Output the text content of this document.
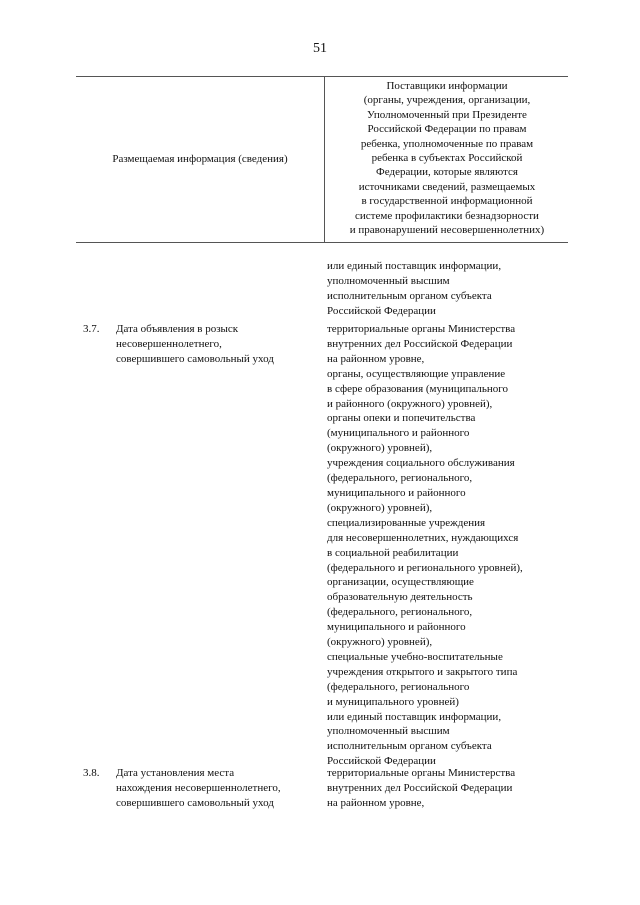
51
Размещаемая информация (сведения)
Поставщики информации
(органы, учреждения, организации,
Уполномоченный при Президенте
Российской Федерации по правам
ребенка, уполномоченные по правам
ребенка в субъектах Российской
Федерации, которые являются
источниками сведений, размещаемых
в государственной информационной
системе профилактики безнадзорности
и правонарушений несовершеннолетних)
или единый поставщик информации,
уполномоченный высшим
исполнительным органом субъекта
Российской Федерации
3.7.	Дата объявления в розыск
несовершеннолетнего,
совершившего самовольный уход
территориальные органы Министерства
внутренних дел Российской Федерации
на районном уровне,
органы, осуществляющие управление
в сфере образования (муниципального
и районного (окружного) уровней),
органы опеки и попечительства
(муниципального и районного
(окружного) уровней),
учреждения социального обслуживания
(федерального, регионального,
муниципального и районного
(окружного) уровней),
специализированные учреждения
для несовершеннолетних, нуждающихся
в социальной реабилитации
(федерального и регионального уровней),
организации, осуществляющие
образовательную деятельность
(федерального, регионального,
муниципального и районного
(окружного) уровней),
специальные учебно-воспитательные
учреждения открытого и закрытого типа
(федерального, регионального
и муниципального уровней)
или единый поставщик информации,
уполномоченный высшим
исполнительным органом субъекта
Российской Федерации
3.8.	Дата установления места
нахождения несовершеннолетнего,
совершившего самовольный уход
территориальные органы Министерства
внутренних дел Российской Федерации
на районном уровне,
